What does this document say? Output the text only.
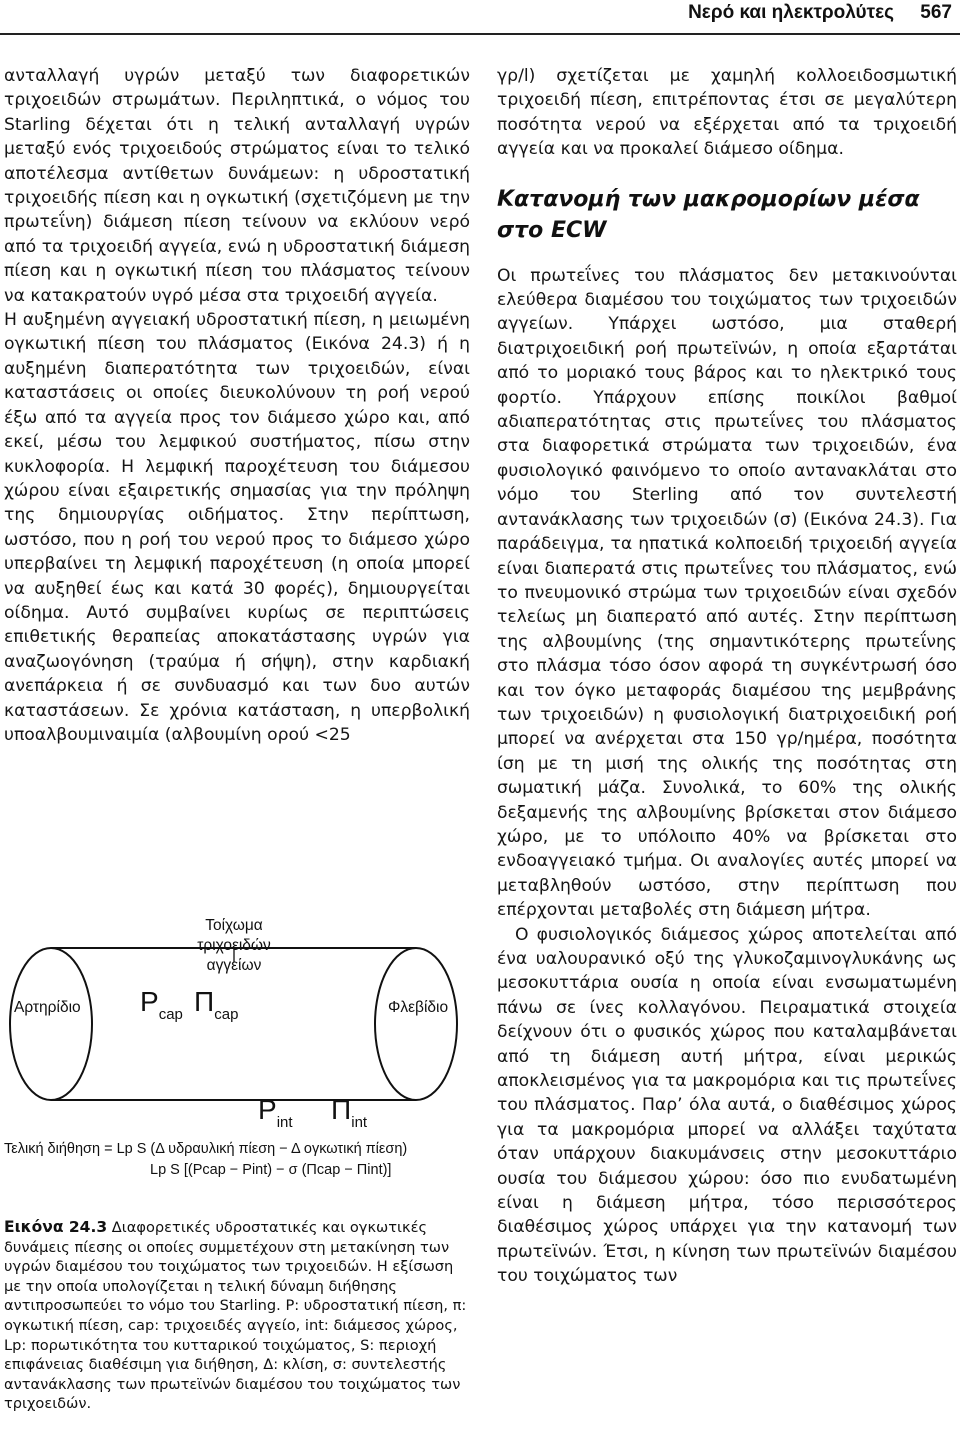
Νερό και ηλεκτρολύτες 567

ανταλλαγή υγρών μεταξύ των διαφορετικών τριχοειδών στρωμάτων. Περιληπτικά, ο νόμος του Starling δέχεται ότι η τελική ανταλλαγή υγρών μεταξύ ενός τριχοειδούς στρώματος είναι το τελικό αποτέλεσμα αντίθετων δυνάμεων: η υδροστατική τριχοειδής πίεση και η ογκωτική (σχετιζόμενη με την πρωτεΐνη) διάμεση πίεση τείνουν να εκλύουν νερό από τα τριχοειδή αγγεία, ενώ η υδροστατική διάμεση πίεση και η ογκωτική πίεση του πλάσματος τείνουν να κατακρατούν υγρό μέσα στα τριχοειδή αγγεία.

Η αυξημένη αγγειακή υδροστατική πίεση, η μειωμένη ογκωτική πίεση του πλάσματος (Εικόνα 24.3) ή η αυξημένη διαπερατότητα των τριχοειδών, είναι καταστάσεις οι οποίες διευκολύνουν τη ροή νερού έξω από τα αγγεία προς τον διάμεσο χώρο και, από εκεί, μέσω του λεμφικού συστήματος, πίσω στην κυκλοφορία. Η λεμφική παροχέτευση του διάμεσου χώρου είναι εξαιρετικής σημασίας για την πρόληψη της δημιουργίας οιδήματος. Στην περίπτωση, ωστόσο, που η ροή του νερού προς το διάμεσο χώρο υπερβαίνει τη λεμφική παροχέτευση (η οποία μπορεί να αυξηθεί έως και κατά 30 φορές), δημιουργείται οίδημα. Αυτό συμβαίνει κυρίως σε περιπτώσεις επιθετικής θεραπείας αποκατάστασης υγρών για αναζωογόνηση (τραύμα ή σήψη), στην καρδιακή ανεπάρκεια ή σε συνδυασμό και των δυο αυτών καταστάσεων. Σε χρόνια κατάσταση, η υπερβολική υποαλβουμιναιμία (αλβουμίνη ορού <25

Τοίχωμα
τριχοειδών
αγγείων
Αρτηρίδιο	Φλεβίδιο
$P_{cap}$ $\Pi_{cap}$
$P_{int}$ $\Pi_{int}$
Τελική διήθηση = Lp S (Δ υδραυλική πίεση − Δ ογκωτική πίεση)
Lp S [(Pcap − Pint) − σ (Πcap − Πint)]
Εικόνα 24.3 Διαφορετικές υδροστατικές και ογκωτικές δυνάμεις πίεσης οι οποίες συμμετέχουν στη μετακίνηση των υγρών διαμέσου του τοιχώματος των τριχοειδών. Η εξίσωση με την οποία υπολογίζεται η τελική δύναμη διήθησης αντιπροσωπεύει το νόμο του Starling. P: υδροστατική πίεση, π: ογκωτική πίεση, cap: τριχοειδές αγγείο, int: διάμεσος χώρος, Lp: πορωτικότητα του κυτταρικού τοιχώματος, S: περιοχή επιφάνειας διαθέσιμη για διήθηση, Δ: κλίση, σ: συντελεστής αντανάκλασης των πρωτεϊνών διαμέσου του τοιχώματος των τριχοειδών.

γρ/l) σχετίζεται με χαμηλή κολλοειδοσμωτική τριχοειδή πίεση, επιτρέποντας έτσι σε μεγαλύτερη ποσότητα νερού να εξέρχεται από τα τριχοειδή αγγεία και να προκαλεί διάμεσο οίδημα.

Κατανομή των μακρομορίων μέσα
στο ECW

Οι πρωτεΐνες του πλάσματος δεν μετακινούνται ελεύθερα διαμέσου του τοιχώματος των τριχοειδών αγγείων. Υπάρχει ωστόσο, μια σταθερή διατριχοειδική ροή πρωτεϊνών, η οποία εξαρτάται από το μοριακό τους βάρος και το ηλεκτρικό τους φορτίο. Υπάρχουν επίσης ποικίλοι βαθμοί αδιαπερατότητας στις πρωτεΐνες του πλάσματος στα διαφορετικά στρώματα των τριχοειδών, ένα φυσιολογικό φαινόμενο το οποίο αντανακλάται στο νόμο του Sterling από τον συντελεστή αντανάκλασης των τριχοειδών (σ) (Εικόνα 24.3). Για παράδειγμα, τα ηπατικά κολποειδή τριχοειδή αγγεία είναι διαπερατά στις πρωτεΐνες του πλάσματος, ενώ το πνευμονικό στρώμα των τριχοειδών είναι σχεδόν τελείως μη διαπερατό από αυτές. Στην περίπτωση της αλβουμίνης (της σημαντικότερης πρωτεΐνης στο πλάσμα τόσο όσον αφορά τη συγκέντρωσή όσο και τον όγκο μεταφοράς διαμέσου της μεμβράνης των τριχοειδών) η φυσιολογική διατριχοειδική ροή μπορεί να ανέρχεται στα 150 γρ/ημέρα, ποσότητα ίση με τη μισή της ολικής της ποσότητας στη σωματική μάζα. Συνολικά, το 60% της ολικής δεξαμενής της αλβουμίνης βρίσκεται στον διάμεσο χώρο, με το υπόλοιπο 40% να βρίσκεται στο ενδοαγγειακό τμήμα. Οι αναλογίες αυτές μπορεί να μεταβληθούν ωστόσο, στην περίπτωση που επέρχονται μεταβολές στη διάμεση μήτρα.

Ο φυσιολογικός διάμεσος χώρος αποτελείται από ένα υαλουρανικό οξύ της γλυκοζαμινογλυκάνης ως μεσοκυττάρια ουσία η οποία είναι ενσωματωμένη πάνω σε ίνες κολλαγόνου. Πειραματικά στοιχεία δείχνουν ότι ο φυσικός χώρος που καταλαμβάνεται από τη διάμεση αυτή μήτρα, είναι μερικώς αποκλεισμένος για τα μακρομόρια και τις πρωτεΐνες του πλάσματος. Παρ’ όλα αυτά, ο διαθέσιμος χώρος για τα μακρομόρια μπορεί να αλλάξει ταχύτατα όταν υπάρχουν διακυμάνσεις στην μεσοκυττάριο ουσία του διάμεσου χώρου: όσο πιο ενυδατωμένη είναι η διάμεση μήτρα, τόσο περισσότερος διαθέσιμος χώρος υπάρχει για την κατανομή των πρωτεϊνών. Έτσι, η κίνηση των πρωτεϊνών διαμέσου του τοιχώματος των
